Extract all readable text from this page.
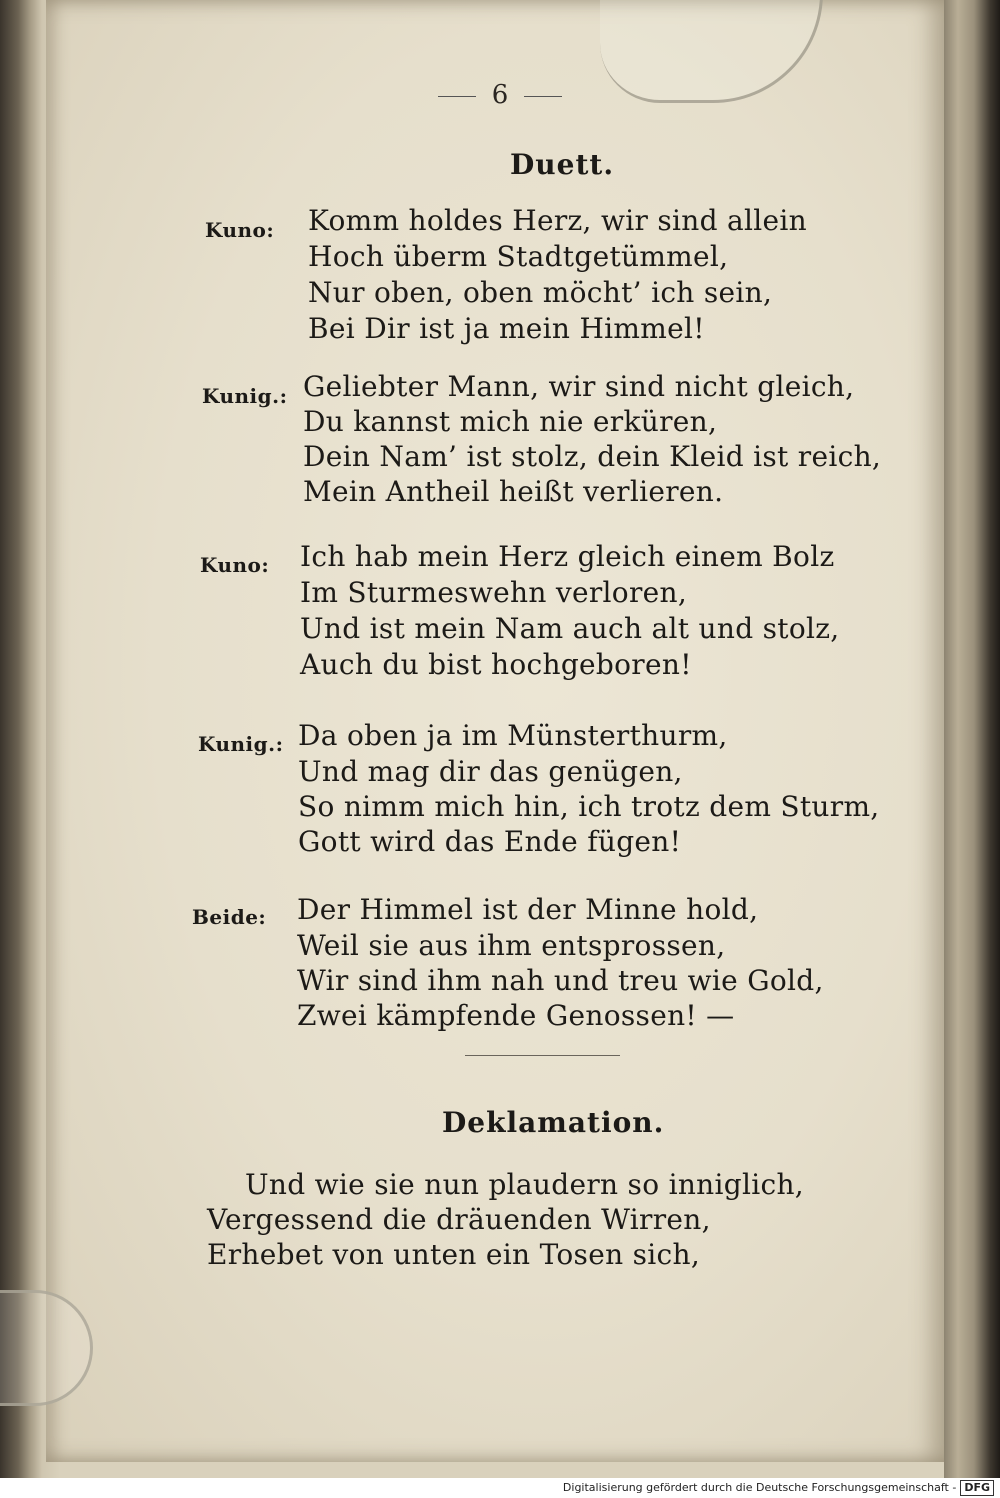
6
Duett.
Kuno: Komm holdes Herz, wir sind allein
Hoch überm Stadtgetümmel,
Nur oben, oben möcht’ ich sein,
Bei Dir ist ja mein Himmel!
Kunig.: Geliebter Mann, wir sind nicht gleich,
Du kannst mich nie erküren,
Dein Nam’ ist stolz, dein Kleid ist reich,
Mein Antheil heißt verlieren.
Kuno: Ich hab mein Herz gleich einem Bolz
Im Sturmeswehn verloren,
Und ist mein Nam auch alt und stolz,
Auch du bist hochgeboren!
Kunig.: Da oben ja im Münsterthurm,
Und mag dir das genügen,
So nimm mich hin, ich trotz dem Sturm,
Gott wird das Ende fügen!
Beide: Der Himmel ist der Minne hold,
Weil sie aus ihm entsprossen,
Wir sind ihm nah und treu wie Gold,
Zwei kämpfende Genossen! —
Deklamation.
Und wie sie nun plaudern so inniglich,
Vergessend die dräuenden Wirren,
Erhebet von unten ein Tosen sich,
Digitalisierung gefördert durch die Deutsche Forschungsgemeinschaft - DFG
